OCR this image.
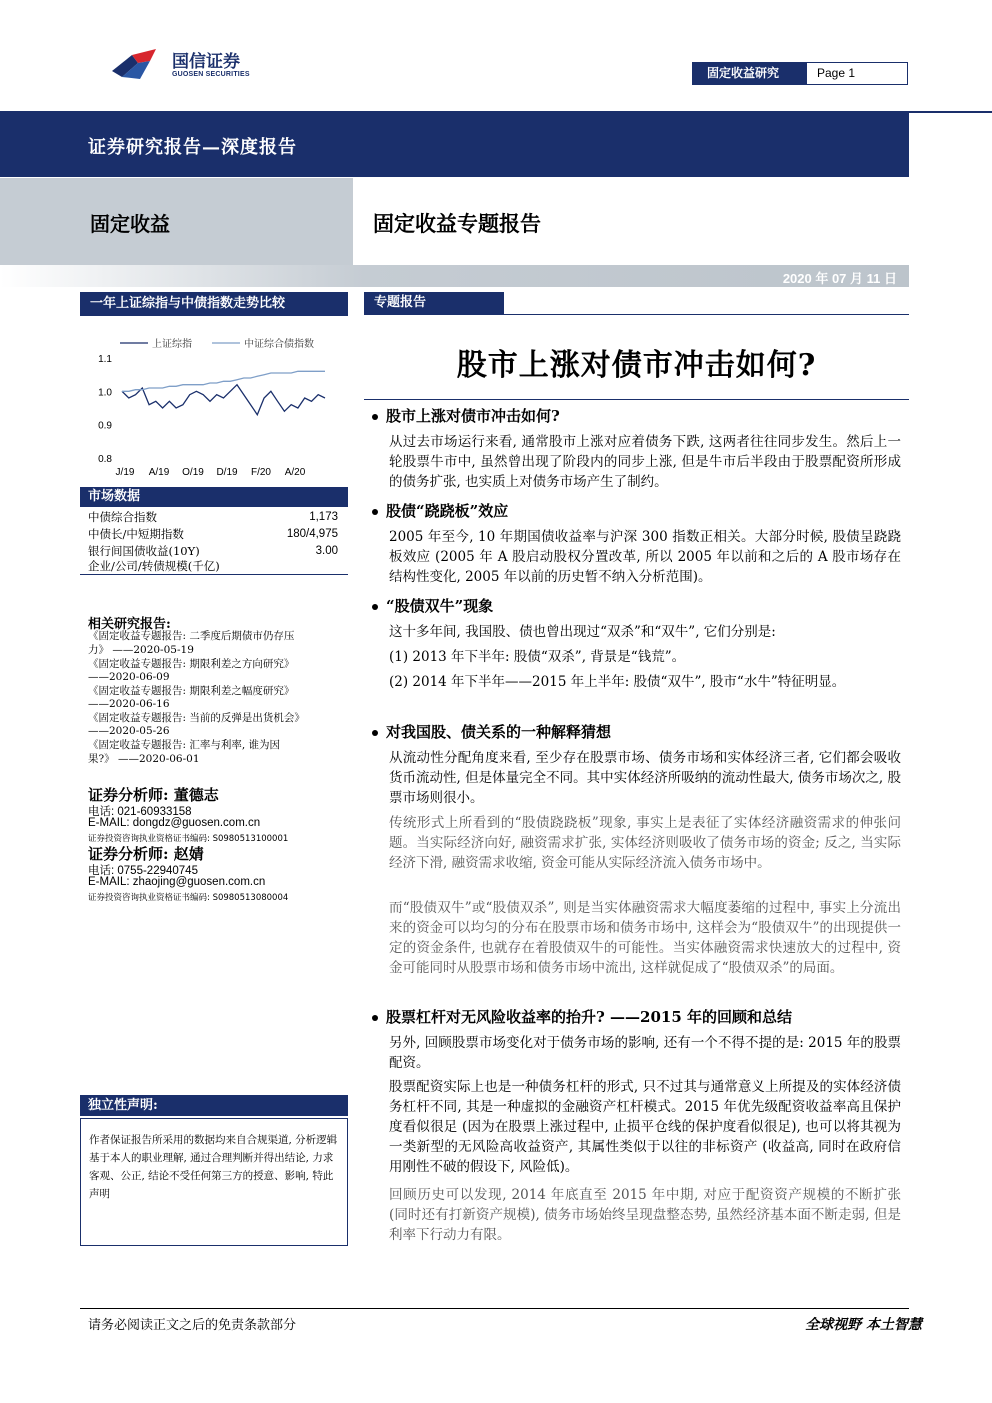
国信证券
GUOSEN SECURITIES	固定收益研究	Page 1
证券研究报告—深度报告
固定收益	固定收益专题报告
2020 年 07 月 11 日
一年上证综指与中债指数走势比较
上证综指	中证综合债指数
1.1
1.0
0.9
0.8
J/19 A/19 O/19 D/19 F/20 A/20
市场数据
中债综合指数	1,173
中债长/中短期指数	180/4,975
银行间国债收益(10Y)	3.00
企业/公司/转债规模(千亿)
相关研究报告:
《固定收益专题报告: 二季度后期债市仍存压
力》 ——2020-05-19
《固定收益专题报告: 期限利差之方向研究》
——2020-06-09
《固定收益专题报告: 期限利差之幅度研究》
——2020-06-16
《固定收益专题报告: 当前的反弹是出货机会》
——2020-05-26
《固定收益专题报告: 汇率与利率, 谁为因
果?》 ——2020-06-01
证券分析师: 董德志
电话: 021-60933158
E-MAIL: dongdz@guosen.com.cn
证券投资咨询执业资格证书编码: S0980513100001
证券分析师: 赵婧
电话: 0755-22940745
E-MAIL: zhaojing@guosen.com.cn
证券投资咨询执业资格证书编码: S0980513080004
独立性声明:
作者保证报告所采用的数据均来自合规渠道, 分析逻辑基于本人的职业理解, 通过合理判断并得出结论, 力求客观、公正, 结论不受任何第三方的授意、影响, 特此声明
专题报告
股市上涨对债市冲击如何?
股市上涨对债市冲击如何?
从过去市场运行来看, 通常股市上涨对应着债务下跌, 这两者往往同步发生。然后上一轮股票牛市中, 虽然曾出现了阶段内的同步上涨, 但是牛市后半段由于股票配资所形成的债务扩张, 也实质上对债务市场产生了制约。
股债“跷跷板”效应
2005 年至今, 10 年期国债收益率与沪深 300 指数正相关。大部分时候, 股债呈跷跷板效应 (2005 年 A 股启动股权分置改革, 所以 2005 年以前和之后的 A 股市场存在结构性变化, 2005 年以前的历史暂不纳入分析范围)。
“股债双牛”现象
这十多年间, 我国股、债也曾出现过“双杀”和“双牛”, 它们分别是:
(1) 2013 年下半年: 股债“双杀”, 背景是“钱荒”。
(2) 2014 年下半年——2015 年上半年: 股债“双牛”, 股市“水牛”特征明显。
对我国股、债关系的一种解释猜想
从流动性分配角度来看, 至少存在股票市场、债务市场和实体经济三者, 它们都会吸收货币流动性, 但是体量完全不同。其中实体经济所吸纳的流动性最大, 债务市场次之, 股票市场则很小。
传统形式上所看到的“股债跷跷板”现象, 事实上是表征了实体经济融资需求的伸张问题。当实际经济向好, 融资需求扩张, 实体经济则吸收了债务市场的资金; 反之, 当实际经济下滑, 融资需求收缩, 资金可能从实际经济流入债务市场中。
而“股债双牛”或“股债双杀”, 则是当实体融资需求大幅度萎缩的过程中, 事实上分流出来的资金可以均匀的分布在股票市场和债务市场中, 这样会为“股债双牛”的出现提供一定的资金条件, 也就存在着股债双牛的可能性。当实体融资需求快速放大的过程中, 资金可能同时从股票市场和债务市场中流出, 这样就促成了“股债双杀”的局面。
股票杠杆对无风险收益率的抬升? ——2015 年的回顾和总结
另外, 回顾股票市场变化对于债务市场的影响, 还有一个不得不提的是: 2015 年的股票配资。
股票配资实际上也是一种债务杠杆的形式, 只不过其与通常意义上所提及的实体经济债务杠杆不同, 其是一种虚拟的金融资产杠杆模式。2015 年优先级配资收益率高且保护度看似很足 (因为在股票上涨过程中, 止损平仓线的保护度看似很足), 也可以将其视为一类新型的无风险高收益资产, 其属性类似于以往的非标资产 (收益高, 同时在政府信用刚性不破的假设下, 风险低)。
回顾历史可以发现, 2014 年底直至 2015 年中期, 对应于配资资产规模的不断扩张 (同时还有打新资产规模), 债务市场始终呈现盘整态势, 虽然经济基本面不断走弱, 但是利率下行动力有限。
请务必阅读正文之后的免责条款部分	全球视野 本土智慧
